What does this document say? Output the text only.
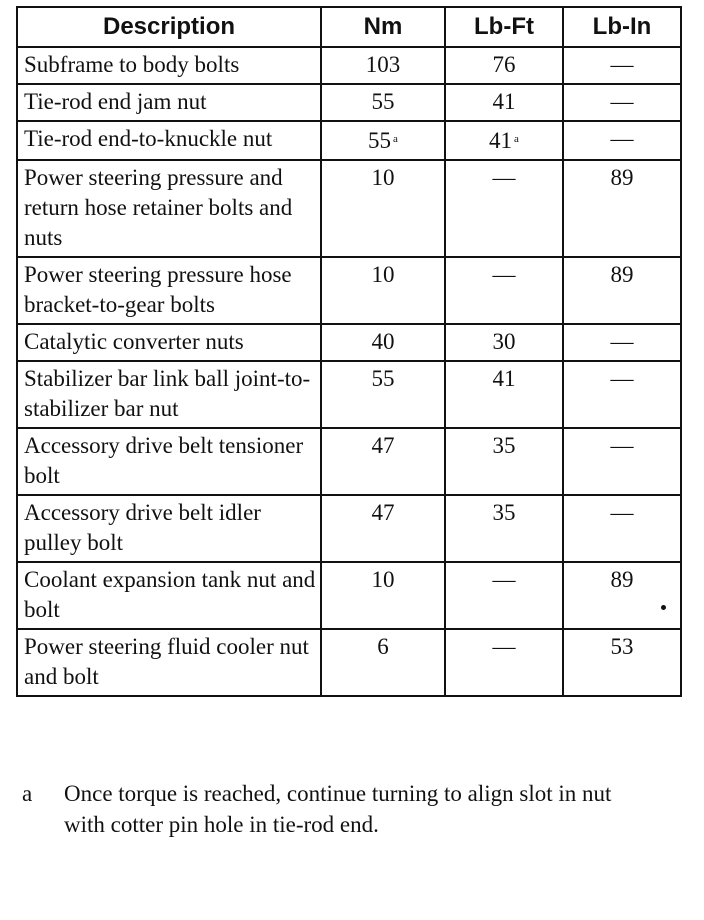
Description	Nm	Lb-Ft	Lb-In
Subframe to body bolts	103	76	—
Tie-rod end jam nut	55	41	—
Tie-rod end-to-knuckle nut	55 $^a$	41 $^a$	—
Power steering pressure and return hose retainer bolts and nuts	10	—	89
Power steering pressure hose bracket-to-gear bolts	10	—	89
Catalytic converter nuts	40	30	—
Stabilizer bar link ball joint-to-stabilizer bar nut	55	41	—
Accessory drive belt tensioner bolt	47	35	—
Accessory drive belt idler pulley bolt	47	35	—
Coolant expansion tank nut and bolt	10	—	89
Power steering fluid cooler nut and bolt	6	—	53
a	Once torque is reached, continue turning to align slot in nut with cotter pin hole in tie-rod end.
